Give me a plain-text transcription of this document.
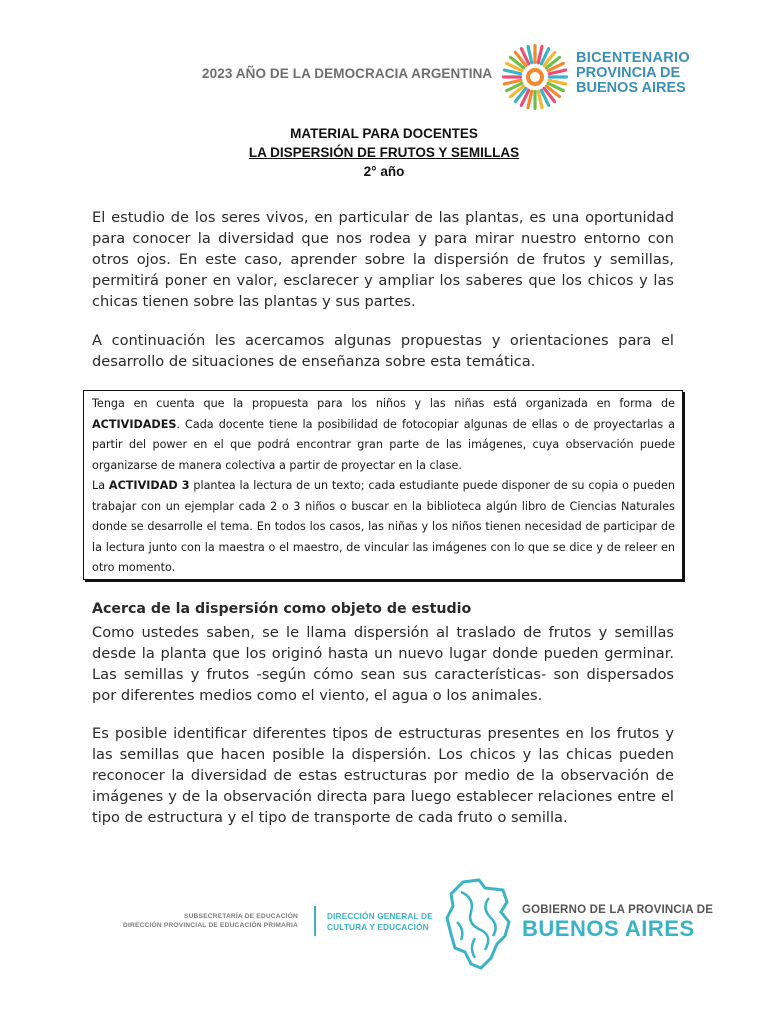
2023 AÑO DE LA DEMOCRACIA ARGENTINA
BICENTENARIO
PROVINCIA DE
BUENOS AIRES
MATERIAL PARA DOCENTES
LA DISPERSIÓN DE FRUTOS Y SEMILLAS
2° año
El estudio de los seres vivos, en particular de las plantas, es una oportunidad para conocer la diversidad que nos rodea y para mirar nuestro entorno con otros ojos. En este caso, aprender sobre la dispersión de frutos y semillas, permitirá poner en valor, esclarecer y ampliar los saberes que los chicos y las chicas tienen sobre las plantas y sus partes.
A continuación les acercamos algunas propuestas y orientaciones para el desarrollo de situaciones de enseñanza sobre esta temática.
Tenga en cuenta que la propuesta para los niños y las niñas está organizada en forma de ACTIVIDADES. Cada docente tiene la posibilidad de fotocopiar algunas de ellas o de proyectarlas a partir del power en el que podrá encontrar gran parte de las imágenes, cuya observación puede organizarse de manera colectiva a partir de proyectar en la clase.
La ACTIVIDAD 3 plantea la lectura de un texto; cada estudiante puede disponer de su copia o pueden trabajar con un ejemplar cada 2 o 3 niños o buscar en la biblioteca algún libro de Ciencias Naturales donde se desarrolle el tema. En todos los casos, las niñas y los niños tienen necesidad de participar de la lectura junto con la maestra o el maestro, de vincular las imágenes con lo que se dice y de releer en otro momento.
Acerca de la dispersión como objeto de estudio
Como ustedes saben, se le llama dispersión al traslado de frutos y semillas desde la planta que los originó hasta un nuevo lugar donde pueden germinar. Las semillas y frutos -según cómo sean sus características- son dispersados por diferentes medios como el viento, el agua o los animales.
Es posible identificar diferentes tipos de estructuras presentes en los frutos y las semillas que hacen posible la dispersión. Los chicos y las chicas pueden reconocer la diversidad de estas estructuras por medio de la observación de imágenes y de la observación directa para luego establecer relaciones entre el tipo de estructura y el tipo de transporte de cada fruto o semilla.
SUBSECRETARÍA DE EDUCACIÓN
DIRECCIÓN PROVINCIAL DE EDUCACIÓN PRIMARIA
DIRECCIÓN GENERAL DE
CULTURA Y EDUCACIÓN
GOBIERNO DE LA PROVINCIA DE
BUENOS AIRES
